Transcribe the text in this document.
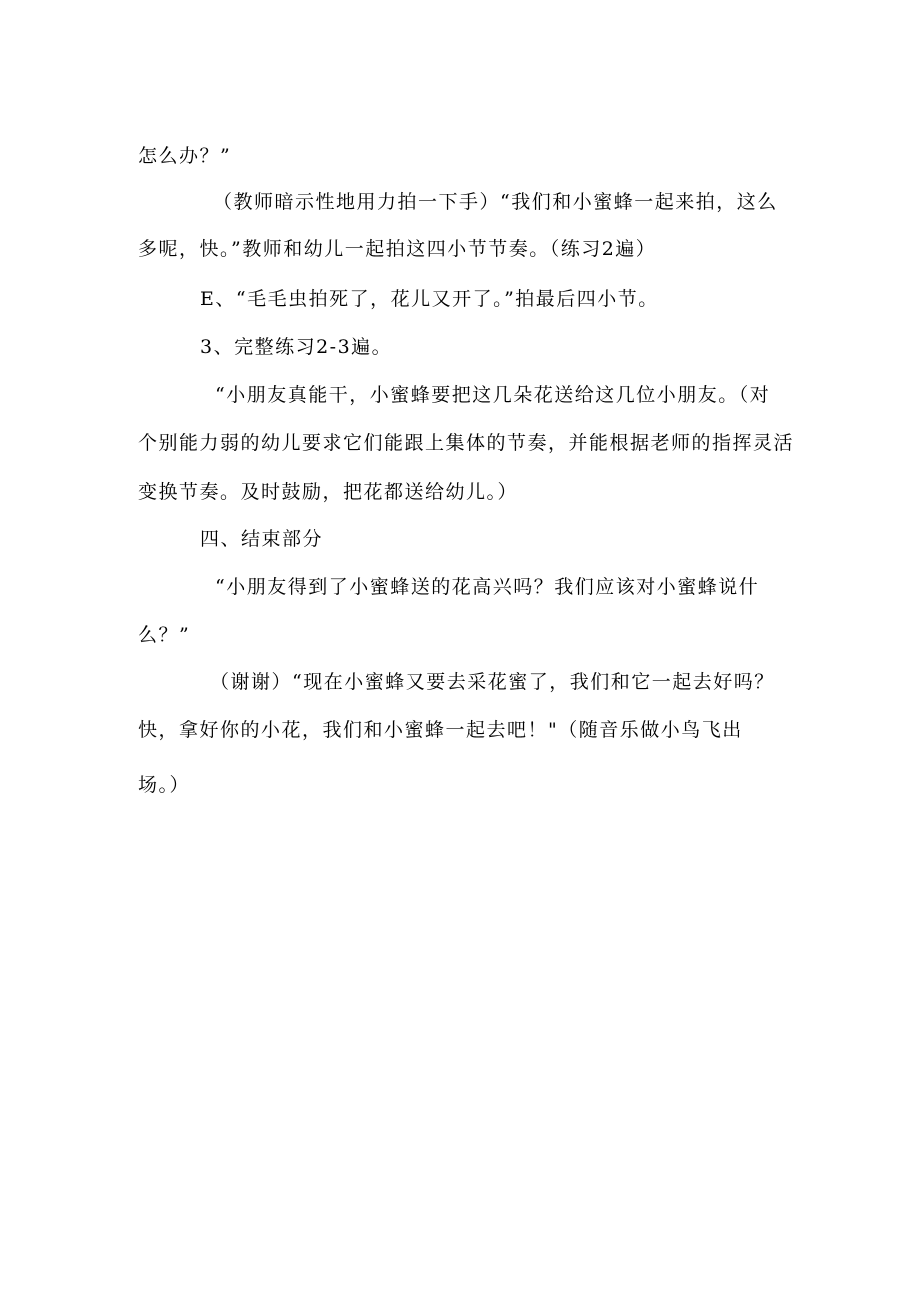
怎么办？”
（教师暗示性地用力拍一下手）“我们和小蜜蜂一起来拍，这么
多呢，快。”教师和幼儿一起拍这四小节节奏。（练习2遍）
E、“毛毛虫拍死了，花儿又开了。”拍最后四小节。
3、完整练习2-3遍。
“小朋友真能干，小蜜蜂要把这几朵花送给这几位小朋友。（对
个别能力弱的幼儿要求它们能跟上集体的节奏，并能根据老师的指挥灵活
变换节奏。及时鼓励，把花都送给幼儿。）
四、结束部分
“小朋友得到了小蜜蜂送的花高兴吗？我们应该对小蜜蜂说什
么？”
（谢谢）“现在小蜜蜂又要去采花蜜了，我们和它一起去好吗？
快，拿好你的小花，我们和小蜜蜂一起去吧！"（随音乐做小鸟飞出
场。）
